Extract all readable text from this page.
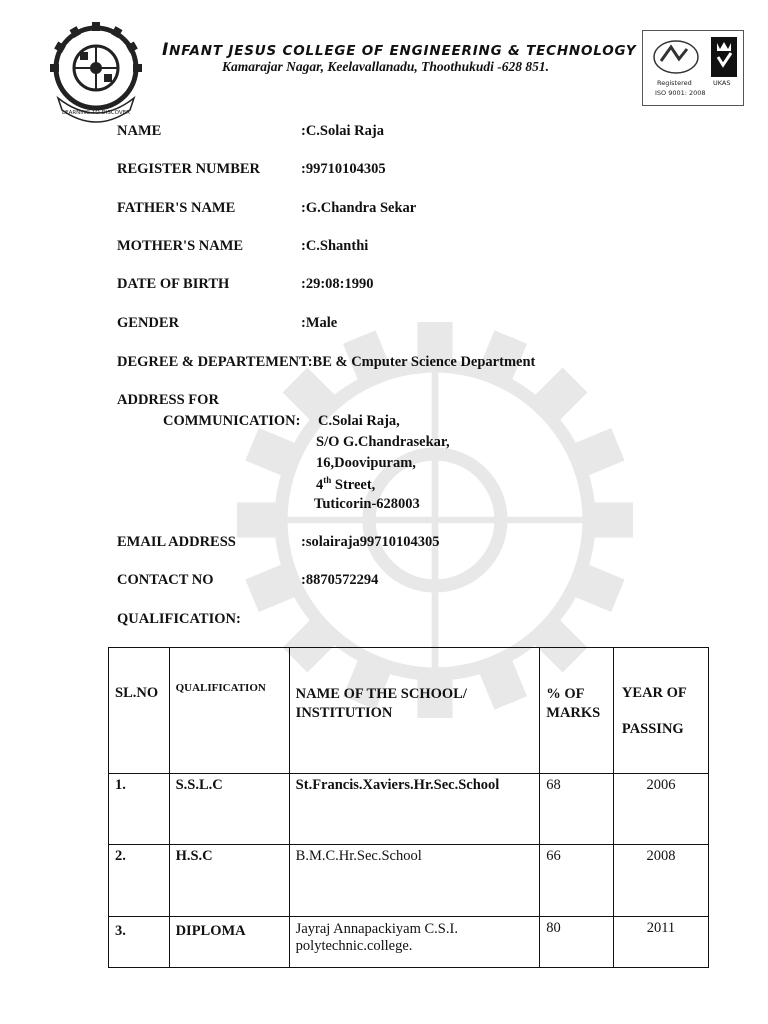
LEARNING TO DISCOVER
INFANT JESUS COLLEGE OF ENGINEERING & TECHNOLOGY
Kamarajar Nagar, Keelavallanadu, Thoothukudi -628 851.
Registered	UKAS
ISO 9001: 2008
NAME	:C.Solai Raja
REGISTER NUMBER	:99710104305
FATHER'S NAME	:G.Chandra Sekar
MOTHER'S NAME	:C.Shanthi
DATE OF BIRTH	:29:08:1990
GENDER	:Male
DEGREE & DEPARTEMENT:BE & Cmputer Science Department
ADDRESS FOR
COMMUNICATION: C.Solai Raja,
S/O G.Chandrasekar,
16,Doovipuram,
4th Street,
Tuticorin-628003
EMAIL ADDRESS	:solairaja99710104305
CONTACT NO	:8870572294
QUALIFICATION:
SL.NO	QUALIFICATION	NAME OF THE SCHOOL/ INSTITUTION	% OF MARKS	YEAR OF
PASSING

1.	S.S.L.C	St.Francis.Xaviers.Hr.Sec.School	68	2006

2.	H.S.C	B.M.C.Hr.Sec.School	66	2008

3.	DIPLOMA	Jayraj Annapackiyam C.S.I. polytechnic.college.	80	2011
